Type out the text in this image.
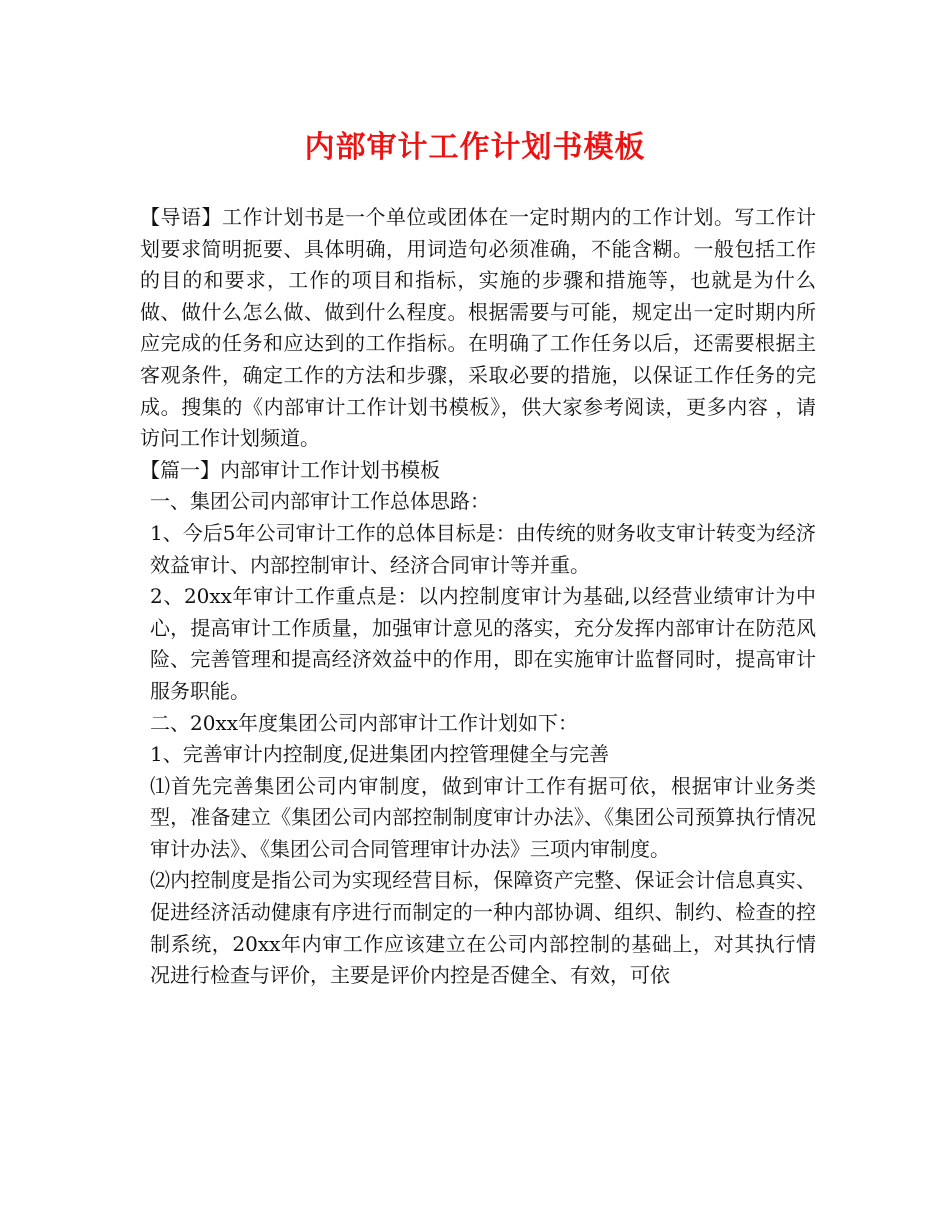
内部审计工作计划书模板

【导语】工作计划书是一个单位或团体在一定时期内的工作计划。写工作计划要求简明扼要、具体明确，用词造句必须准确，不能含糊。一般包括工作的目的和要求，工作的项目和指标，实施的步骤和措施等，也就是为什么做、做什么怎么做、做到什么程度。根据需要与可能，规定出一定时期内所应完成的任务和应达到的工作指标。在明确了工作任务以后，还需要根据主客观条件，确定工作的方法和步骤，采取必要的措施，以保证工作任务的完成。搜集的《内部审计工作计划书模板》，供大家参考阅读，更多内容 ，请访问工作计划频道。

【篇一】内部审计工作计划书模板

一、集团公司内部审计工作总体思路：

1、今后5年公司审计工作的总体目标是：由传统的财务收支审计转变为经济效益审计、内部控制审计、经济合同审计等并重。

2、20xx年审计工作重点是：以内控制度审计为基础,以经营业绩审计为中心，提高审计工作质量，加强审计意见的落实，充分发挥内部审计在防范风险、完善管理和提高经济效益中的作用，即在实施审计监督同时，提高审计服务职能。

二、20xx年度集团公司内部审计工作计划如下：

1、完善审计内控制度,促进集团内控管理健全与完善

⑴首先完善集团公司内审制度，做到审计工作有据可依，根据审计业务类型，准备建立《集团公司内部控制制度审计办法》、《集团公司预算执行情况审计办法》、《集团公司合同管理审计办法》三项内审制度。

⑵内控制度是指公司为实现经营目标，保障资产完整、保证会计信息真实、促进经济活动健康有序进行而制定的一种内部协调、组织、制约、检查的控制系统，20xx年内审工作应该建立在公司内部控制的基础上，对其执行情况进行检查与评价，主要是评价内控是否健全、有效，可依
